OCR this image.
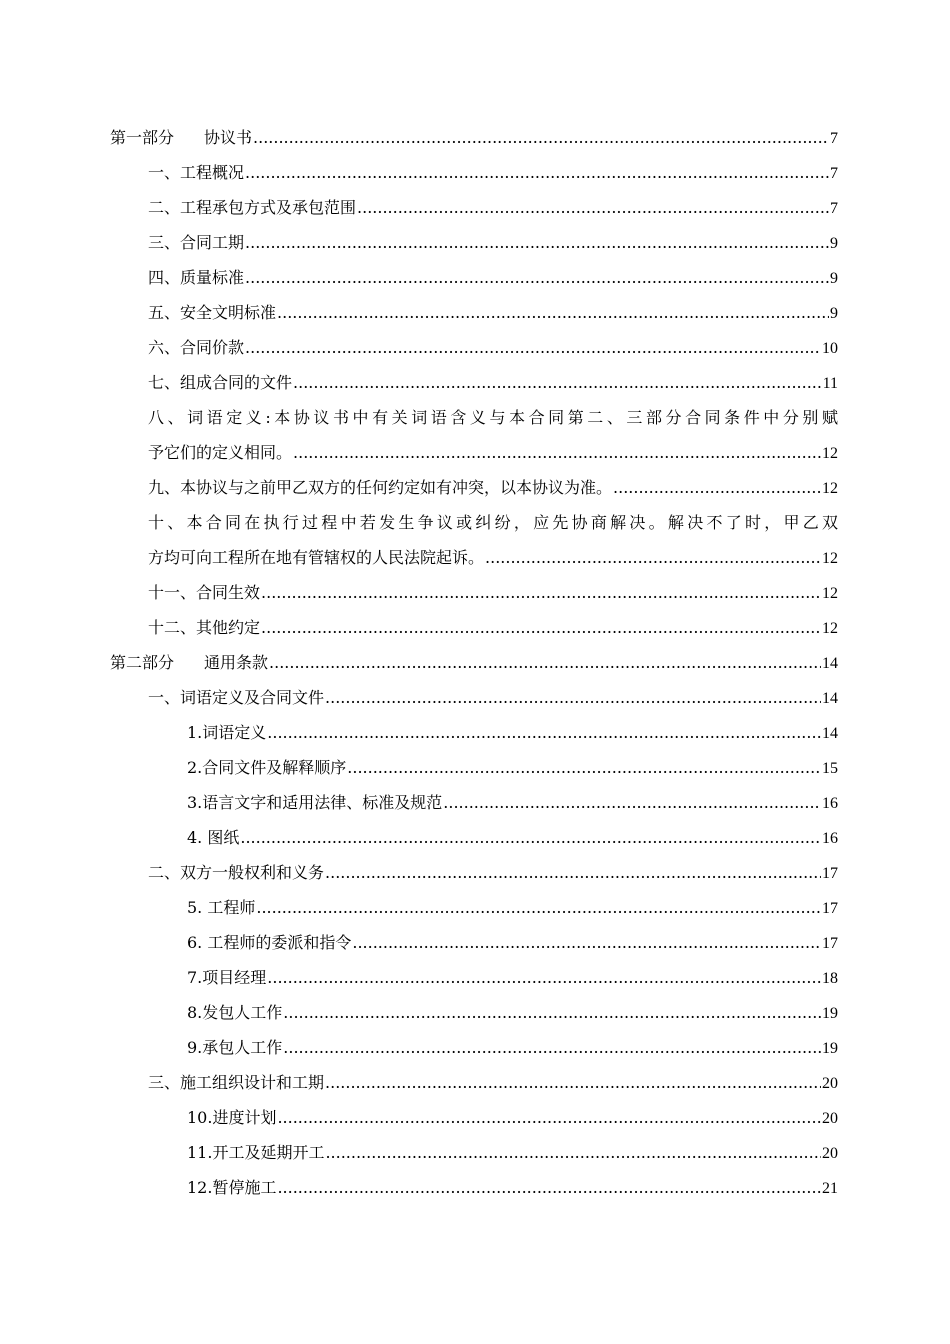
第一部分 协议书 .....	7
一、工程概况 .....	7
二、工程承包方式及承包范围 .....	7
三、合同工期 .....	9
四、质量标准 .....	9
五、安全文明标准 .....	9
六、合同价款 .....	10
七、组成合同的文件 .....	11
八、词语定义:本协议书中有关词语含义与本合同第二、三部分合同条件中分别赋
予它们的定义相同。 .....	12
九、本协议与之前甲乙双方的任何约定如有冲突，以本协议为准。 .....	12
十、本合同在执行过程中若发生争议或纠纷，应先协商解决。解决不了时，甲乙双
方均可向工程所在地有管辖权的人民法院起诉。 .....	12
十一、合同生效 .....	12
十二、其他约定 .....	12
第二部分 通用条款 .....	14
一、词语定义及合同文件 .....	14
1.词语定义 .....	14
2.合同文件及解释顺序 .....	15
3.语言文字和适用法律、标准及规范 .....	16
4. 图纸 .....	16
二、双方一般权利和义务 .....	17
5. 工程师 .....	17
6. 工程师的委派和指令 .....	17
7.项目经理 .....	18
8.发包人工作 .....	19
9.承包人工作 .....	19
三、施工组织设计和工期 .....	20
10.进度计划 .....	20
11.开工及延期开工 .....	20
12.暂停施工 .....	21
